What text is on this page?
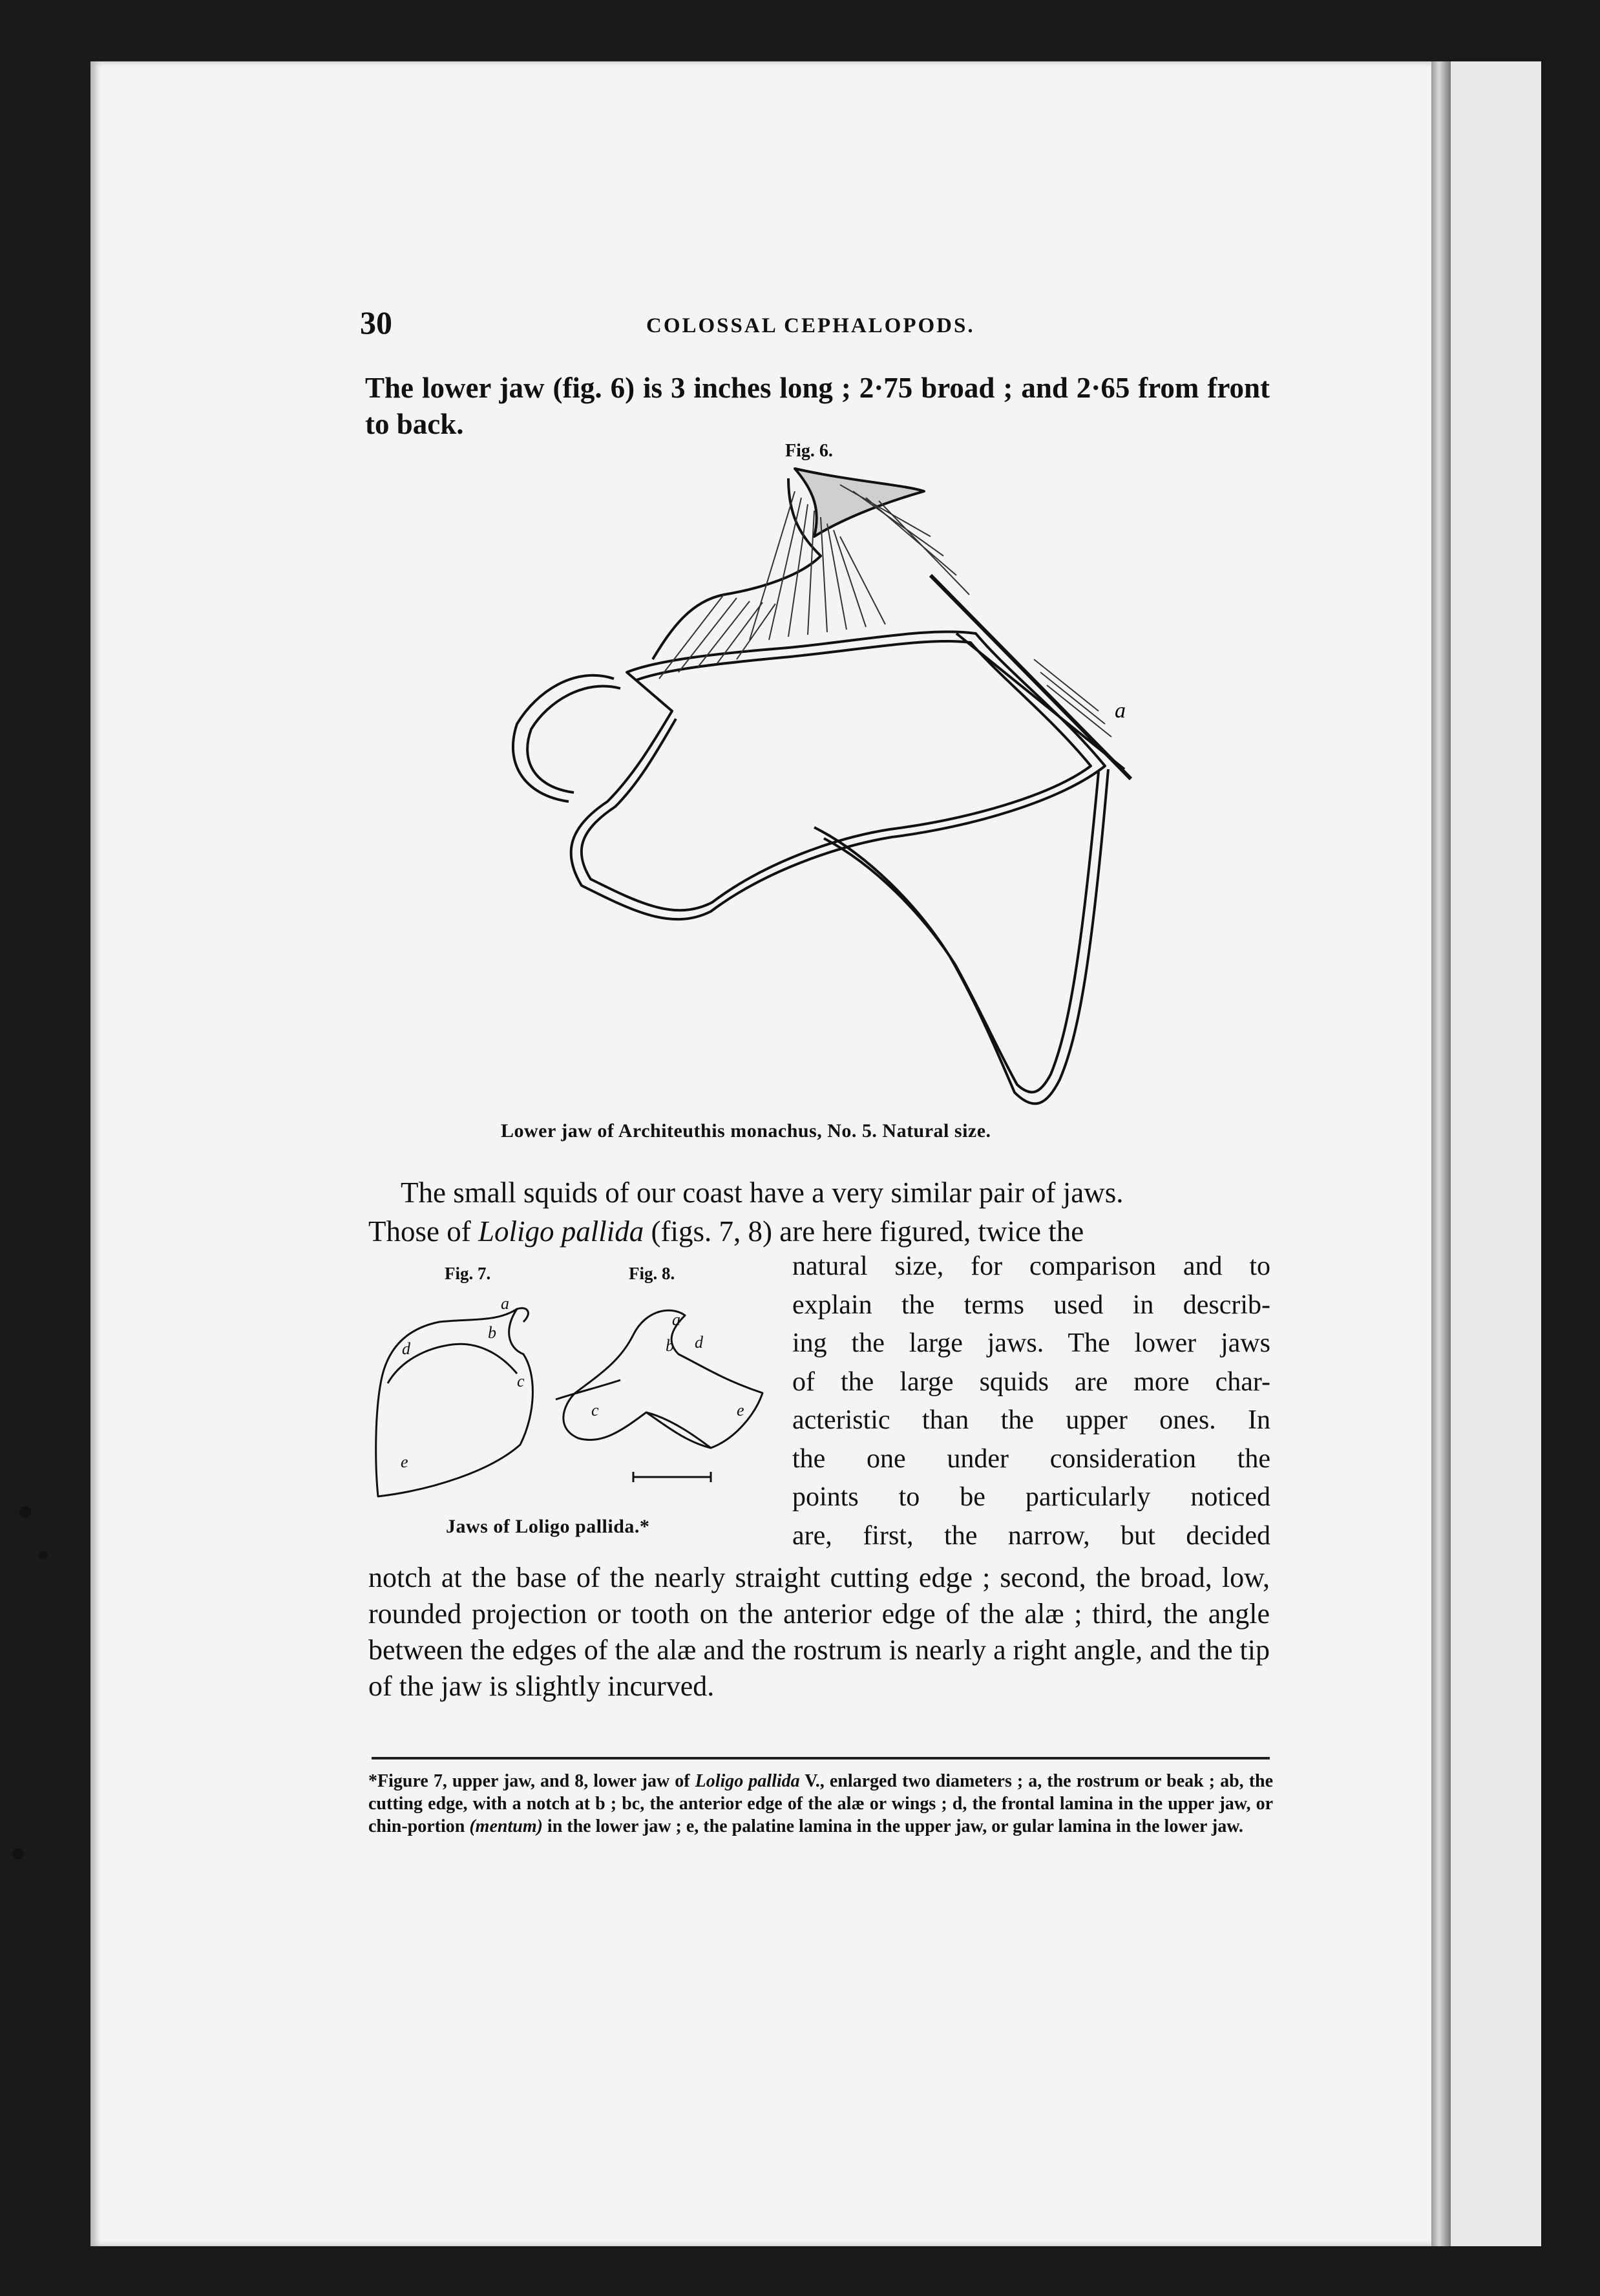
30	COLOSSAL CEPHALOPODS.
The lower jaw (fig. 6) is 3 inches long ; 2·75 broad ; and 2·65 from front to back.
Fig. 6.
a
Lower jaw of Architeuthis monachus, No. 5. Natural size.
The small squids of our coast have a very similar pair of jaws.
Those of Loligo pallida (figs. 7, 8) are here figured, twice the
natural size, for comparison and to
explain the terms used in describ-
ing the large jaws. The lower jaws
of the large squids are more char-
acteristic than the upper ones. In
the one under consideration the
points to be particularly noticed
are, first, the narrow, but decided
Fig. 7.	Fig. 8.
a
b
c
d
e
a
b d
c	e
Jaws of Loligo pallida.*
notch at the base of the nearly straight cutting edge ; second, the broad, low, rounded projection or tooth on the anterior edge of the alæ ; third, the angle between the edges of the alæ and the rostrum is nearly a right angle, and the tip of the jaw is slightly incurved.
*Figure 7, upper jaw, and 8, lower jaw of Loligo pallida V., enlarged two diameters ; a, the rostrum or beak ; ab, the cutting edge, with a notch at b ; bc, the anterior edge of the alæ or wings ; d, the frontal lamina in the upper jaw, or chin-portion (mentum) in the lower jaw ; e, the palatine lamina in the upper jaw, or gular lamina in the lower jaw.
